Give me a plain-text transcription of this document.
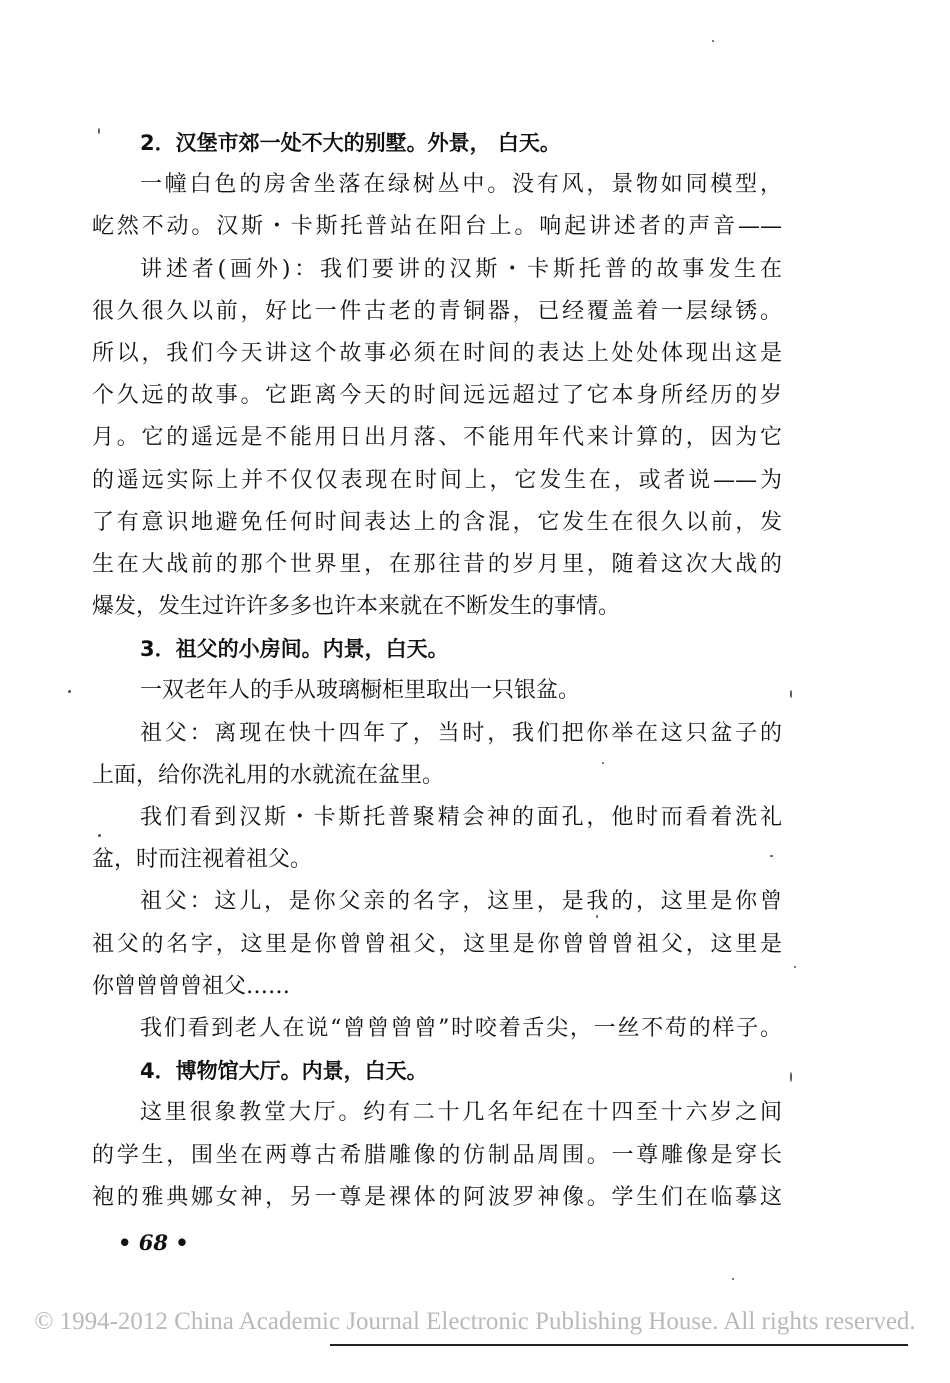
2．汉堡市郊一处不大的别墅。外景， 白天。
一幢白色的房舍坐落在绿树丛中。没有风，景物如同模型，
屹然不动。汉斯・卡斯托普站在阳台上。响起讲述者的声音——
讲述者(画外)：我们要讲的汉斯・卡斯托普的故事发生在
很久很久以前，好比一件古老的青铜器，已经覆盖着一层绿锈。
所以，我们今天讲这个故事必须在时间的表达上处处体现出这是
个久远的故事。它距离今天的时间远远超过了它本身所经历的岁
月。它的遥远是不能用日出月落、不能用年代来计算的，因为它
的遥远实际上并不仅仅表现在时间上，它发生在，或者说——为
了有意识地避免任何时间表达上的含混，它发生在很久以前，发
生在大战前的那个世界里，在那往昔的岁月里，随着这次大战的
爆发，发生过许许多多也许本来就在不断发生的事情。
3．祖父的小房间。内景，白天。
一双老年人的手从玻璃橱柜里取出一只银盆。
祖父：离现在快十四年了，当时，我们把你举在这只盆子的
上面，给你洗礼用的水就流在盆里。
我们看到汉斯・卡斯托普聚精会神的面孔，他时而看着洗礼
盆，时而注视着祖父。
祖父：这儿，是你父亲的名字，这里，是我的，这里是你曾
祖父的名字，这里是你曾曾祖父，这里是你曾曾曾祖父，这里是
你曾曾曾曾祖父……
我们看到老人在说“曾曾曾曾”时咬着舌尖，一丝不苟的样子。
4．博物馆大厅。内景，白天。
这里很象教堂大厅。约有二十几名年纪在十四至十六岁之间
的学生，围坐在两尊古希腊雕像的仿制品周围。一尊雕像是穿长
袍的雅典娜女神，另一尊是裸体的阿波罗神像。学生们在临摹这
• 68 •
© 1994-2012 China Academic Journal Electronic Publishing House. All rights reserved.
